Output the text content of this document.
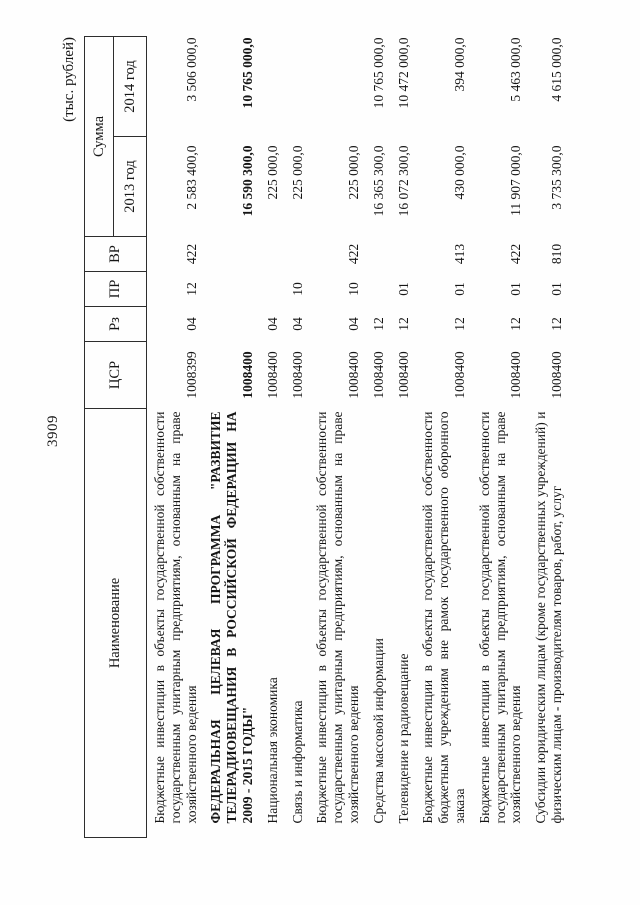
3909
(тыс. рублей)
Наименование	ЦСР	Рз	ПР	ВР	Сумма	
					2013 год	2014 год
Бюджетные инвестиции в объекты государственной собственности государственным унитарным предприятиям, основанным на праве хозяйственного ведения	1008399	04	12	422	2 583 400,0	3 506 000,0
ФЕДЕРАЛЬНАЯ ЦЕЛЕВАЯ ПРОГРАММА "РАЗВИТИЕ ТЕЛЕРАДИОВЕЩАНИЯ В РОССИЙСКОЙ ФЕДЕРАЦИИ НА 2009 - 2015 ГОДЫ"	1008400				16 590 300,0	10 765 000,0
Национальная экономика	1008400	04			225 000,0	
Связь и информатика	1008400	04	10		225 000,0	
Бюджетные инвестиции в объекты государственной собственности государственным унитарным предприятиям, основанным на праве хозяйственного ведения	1008400	04	10	422	225 000,0	
Средства массовой информации	1008400	12			16 365 300,0	10 765 000,0
Телевидение и радиовещание	1008400	12	01		16 072 300,0	10 472 000,0
Бюджетные инвестиции в объекты государственной собственности бюджетным учреждениям вне рамок государственного оборонного заказа	1008400	12	01	413	430 000,0	394 000,0
Бюджетные инвестиции в объекты государственной собственности государственным унитарным предприятиям, основанным на праве хозяйственного ведения	1008400	12	01	422	11 907 000,0	5 463 000,0
Субсидии юридическим лицам (кроме государственных учреждений) и физическим лицам - производителям товаров, работ, услуг	1008400	12	01	810	3 735 300,0	4 615 000,0
